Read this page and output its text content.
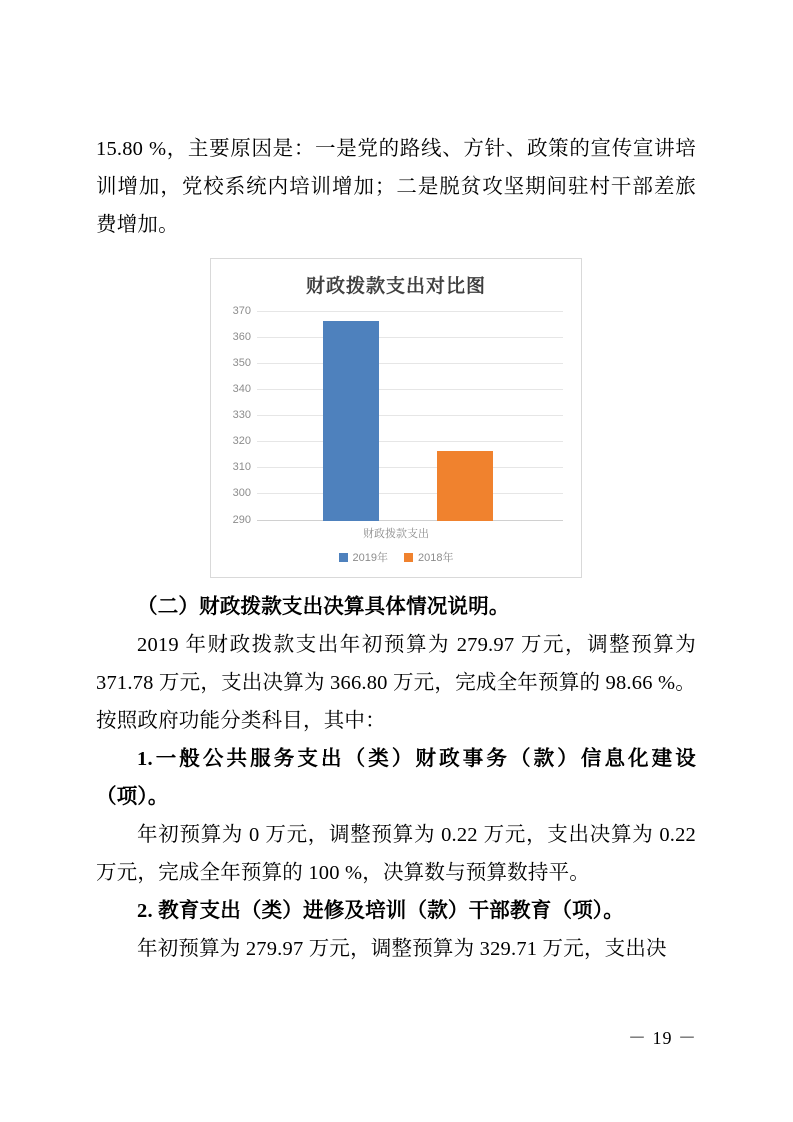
15.80 %，主要原因是：一是党的路线、方针、政策的宣传宣讲培训增加，党校系统内培训增加；二是脱贫攻坚期间驻村干部差旅费增加。

财政拨款支出对比图
370
360
350
340
330
320
310
300
290
财政拨款支出
2019年	2018年

（二）财政拨款支出决算具体情况说明。

2019 年财政拨款支出年初预算为 279.97 万元，调整预算为 371.78 万元，支出决算为 366.80 万元，完成全年预算的 98.66 %。按照政府功能分类科目，其中：

1.一般公共服务支出（类）财政事务（款）信息化建设（项）。

年初预算为 0 万元，调整预算为 0.22 万元，支出决算为 0.22 万元，完成全年预算的 100 %，决算数与预算数持平。

2. 教育支出（类）进修及培训（款）干部教育（项）。

年初预算为 279.97 万元，调整预算为 329.71 万元，支出决

－ 19 －
